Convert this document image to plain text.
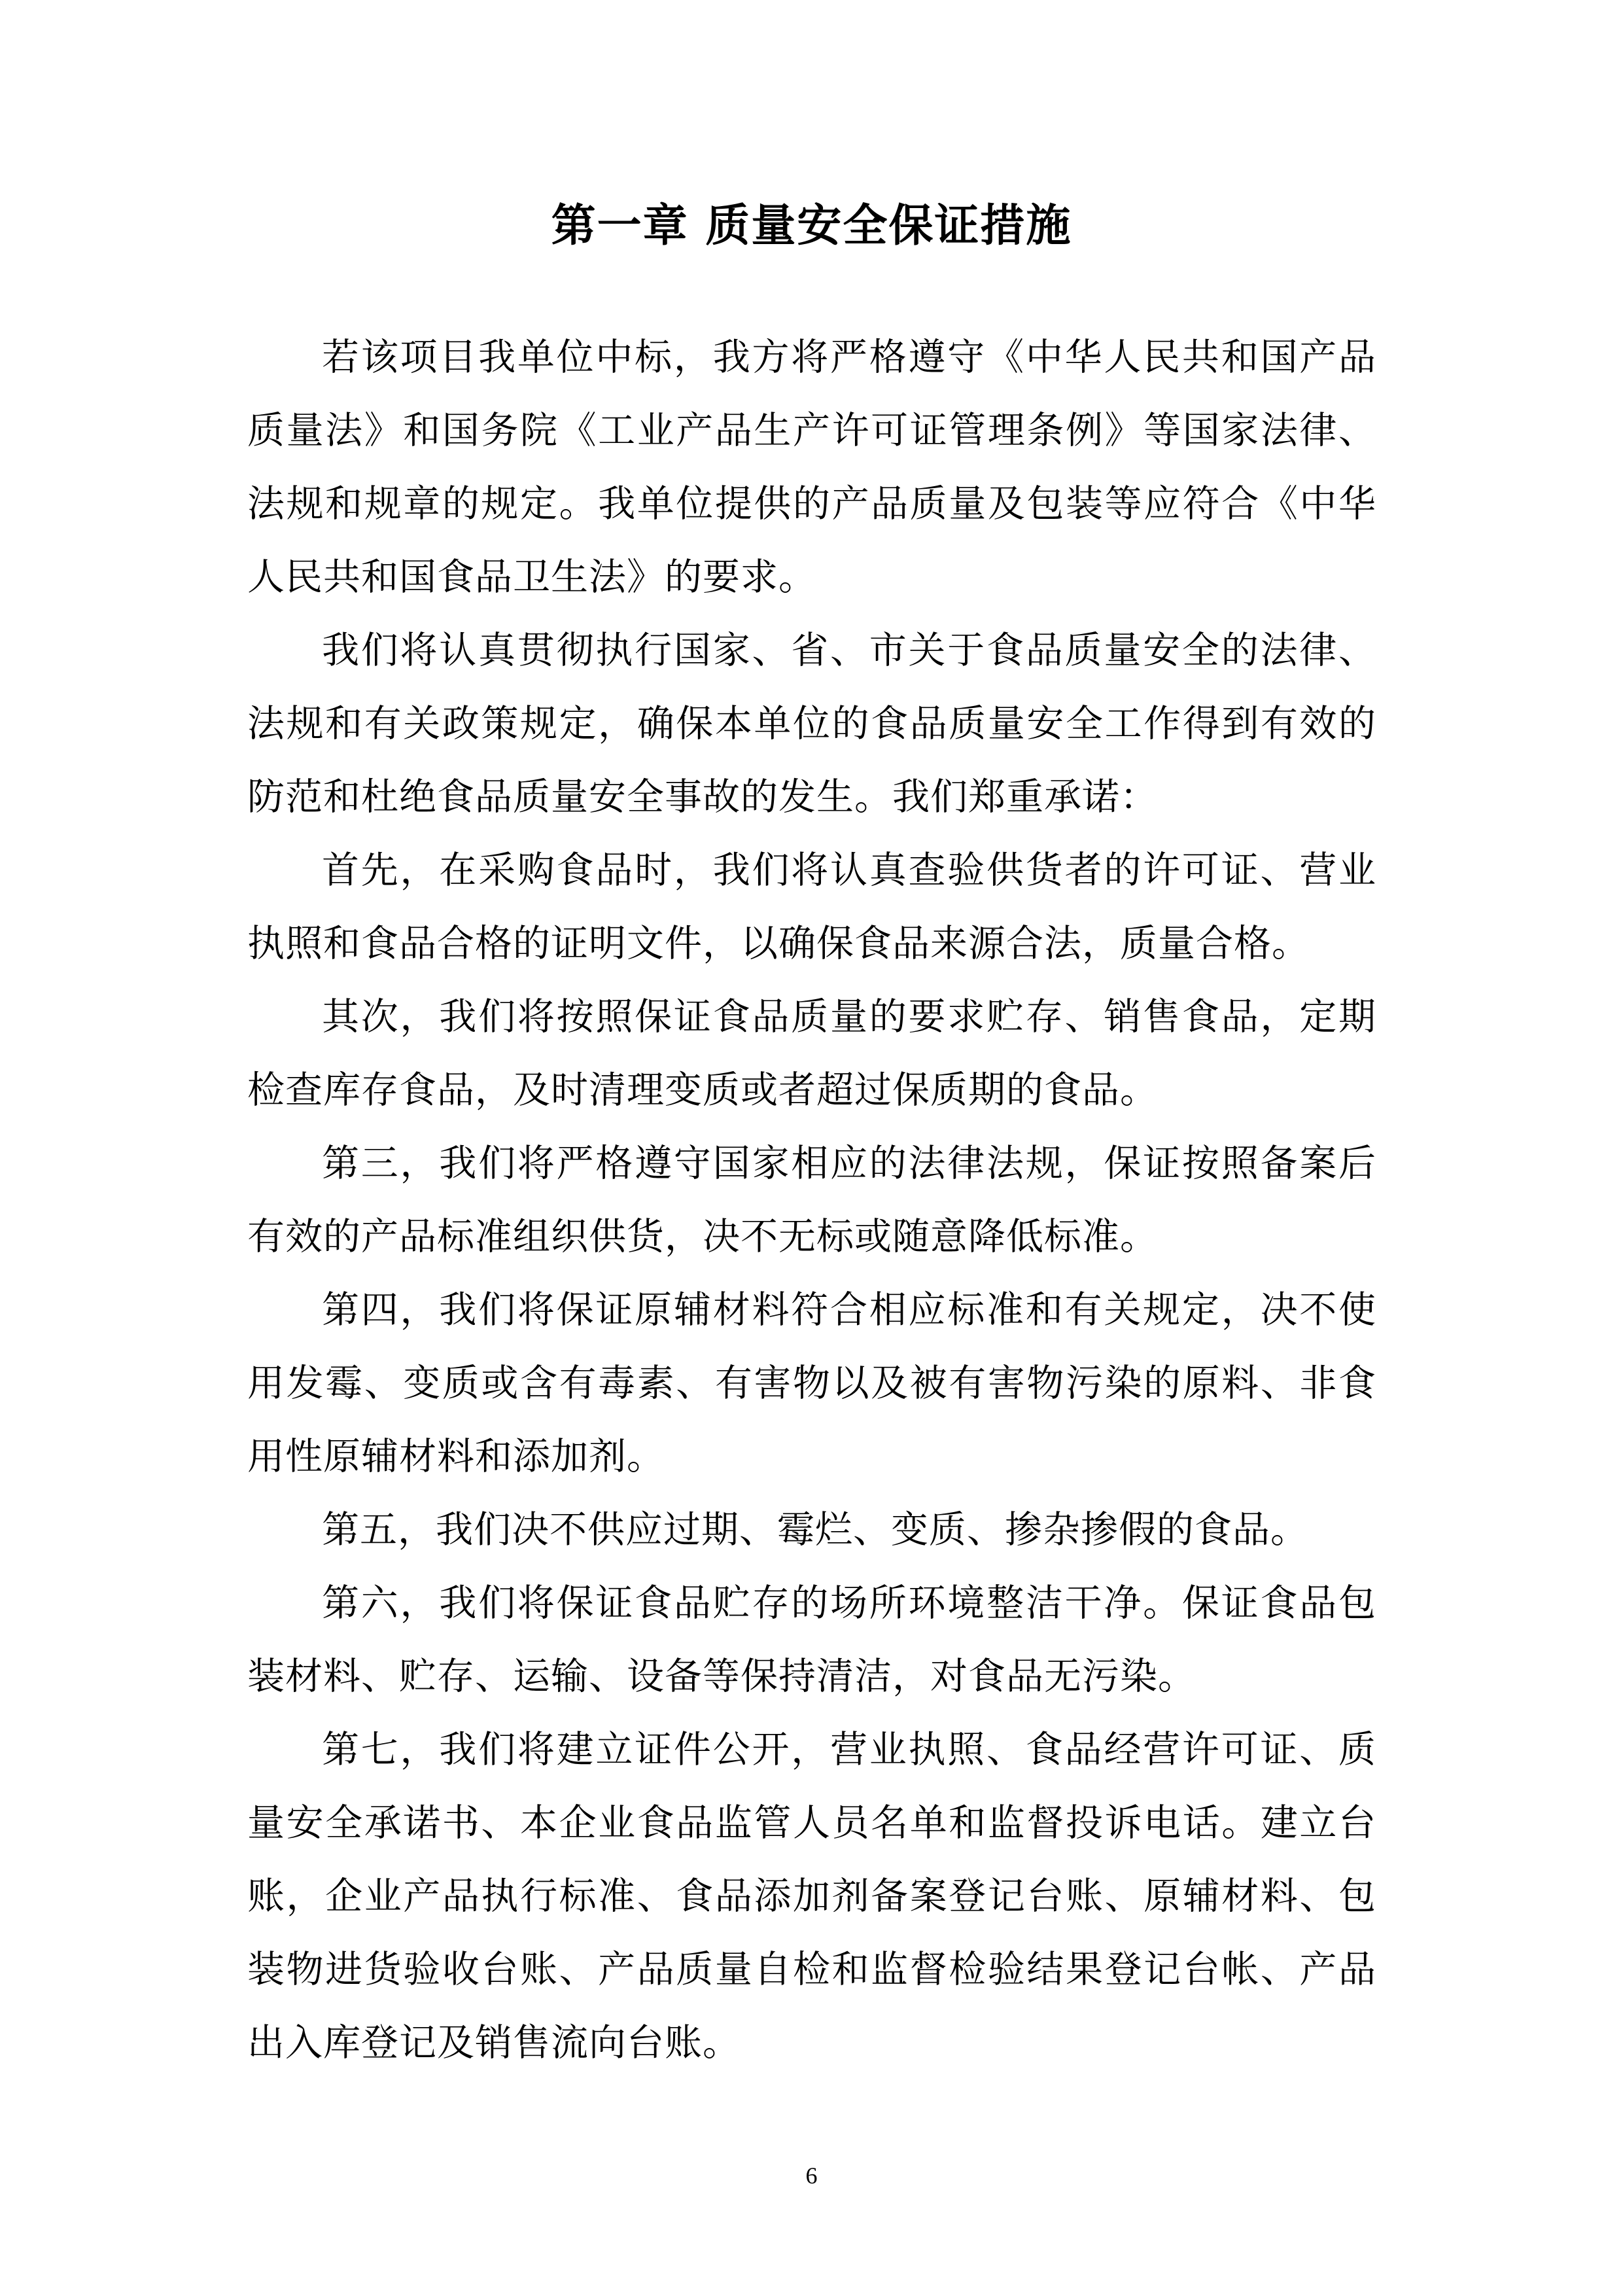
第一章 质量安全保证措施

若该项目我单位中标，我方将严格遵守《中华人民共和国产品质量法》和国务院《工业产品生产许可证管理条例》等国家法律、法规和规章的规定。我单位提供的产品质量及包装等应符合《中华人民共和国食品卫生法》的要求。

我们将认真贯彻执行国家、省、市关于食品质量安全的法律、法规和有关政策规定，确保本单位的食品质量安全工作得到有效的防范和杜绝食品质量安全事故的发生。我们郑重承诺：

首先，在采购食品时，我们将认真查验供货者的许可证、营业执照和食品合格的证明文件，以确保食品来源合法，质量合格。

其次，我们将按照保证食品质量的要求贮存、销售食品，定期检查库存食品，及时清理变质或者超过保质期的食品。

第三，我们将严格遵守国家相应的法律法规，保证按照备案后有效的产品标准组织供货，决不无标或随意降低标准。

第四，我们将保证原辅材料符合相应标准和有关规定，决不使用发霉、变质或含有毒素、有害物以及被有害物污染的原料、非食用性原辅材料和添加剂。

第五，我们决不供应过期、霉烂、变质、掺杂掺假的食品。

第六，我们将保证食品贮存的场所环境整洁干净。保证食品包装材料、贮存、运输、设备等保持清洁，对食品无污染。

第七，我们将建立证件公开，营业执照、食品经营许可证、质量安全承诺书、本企业食品监管人员名单和监督投诉电话。建立台账，企业产品执行标准、食品添加剂备案登记台账、原辅材料、包装物进货验收台账、产品质量自检和监督检验结果登记台帐、产品出入库登记及销售流向台账。

6
